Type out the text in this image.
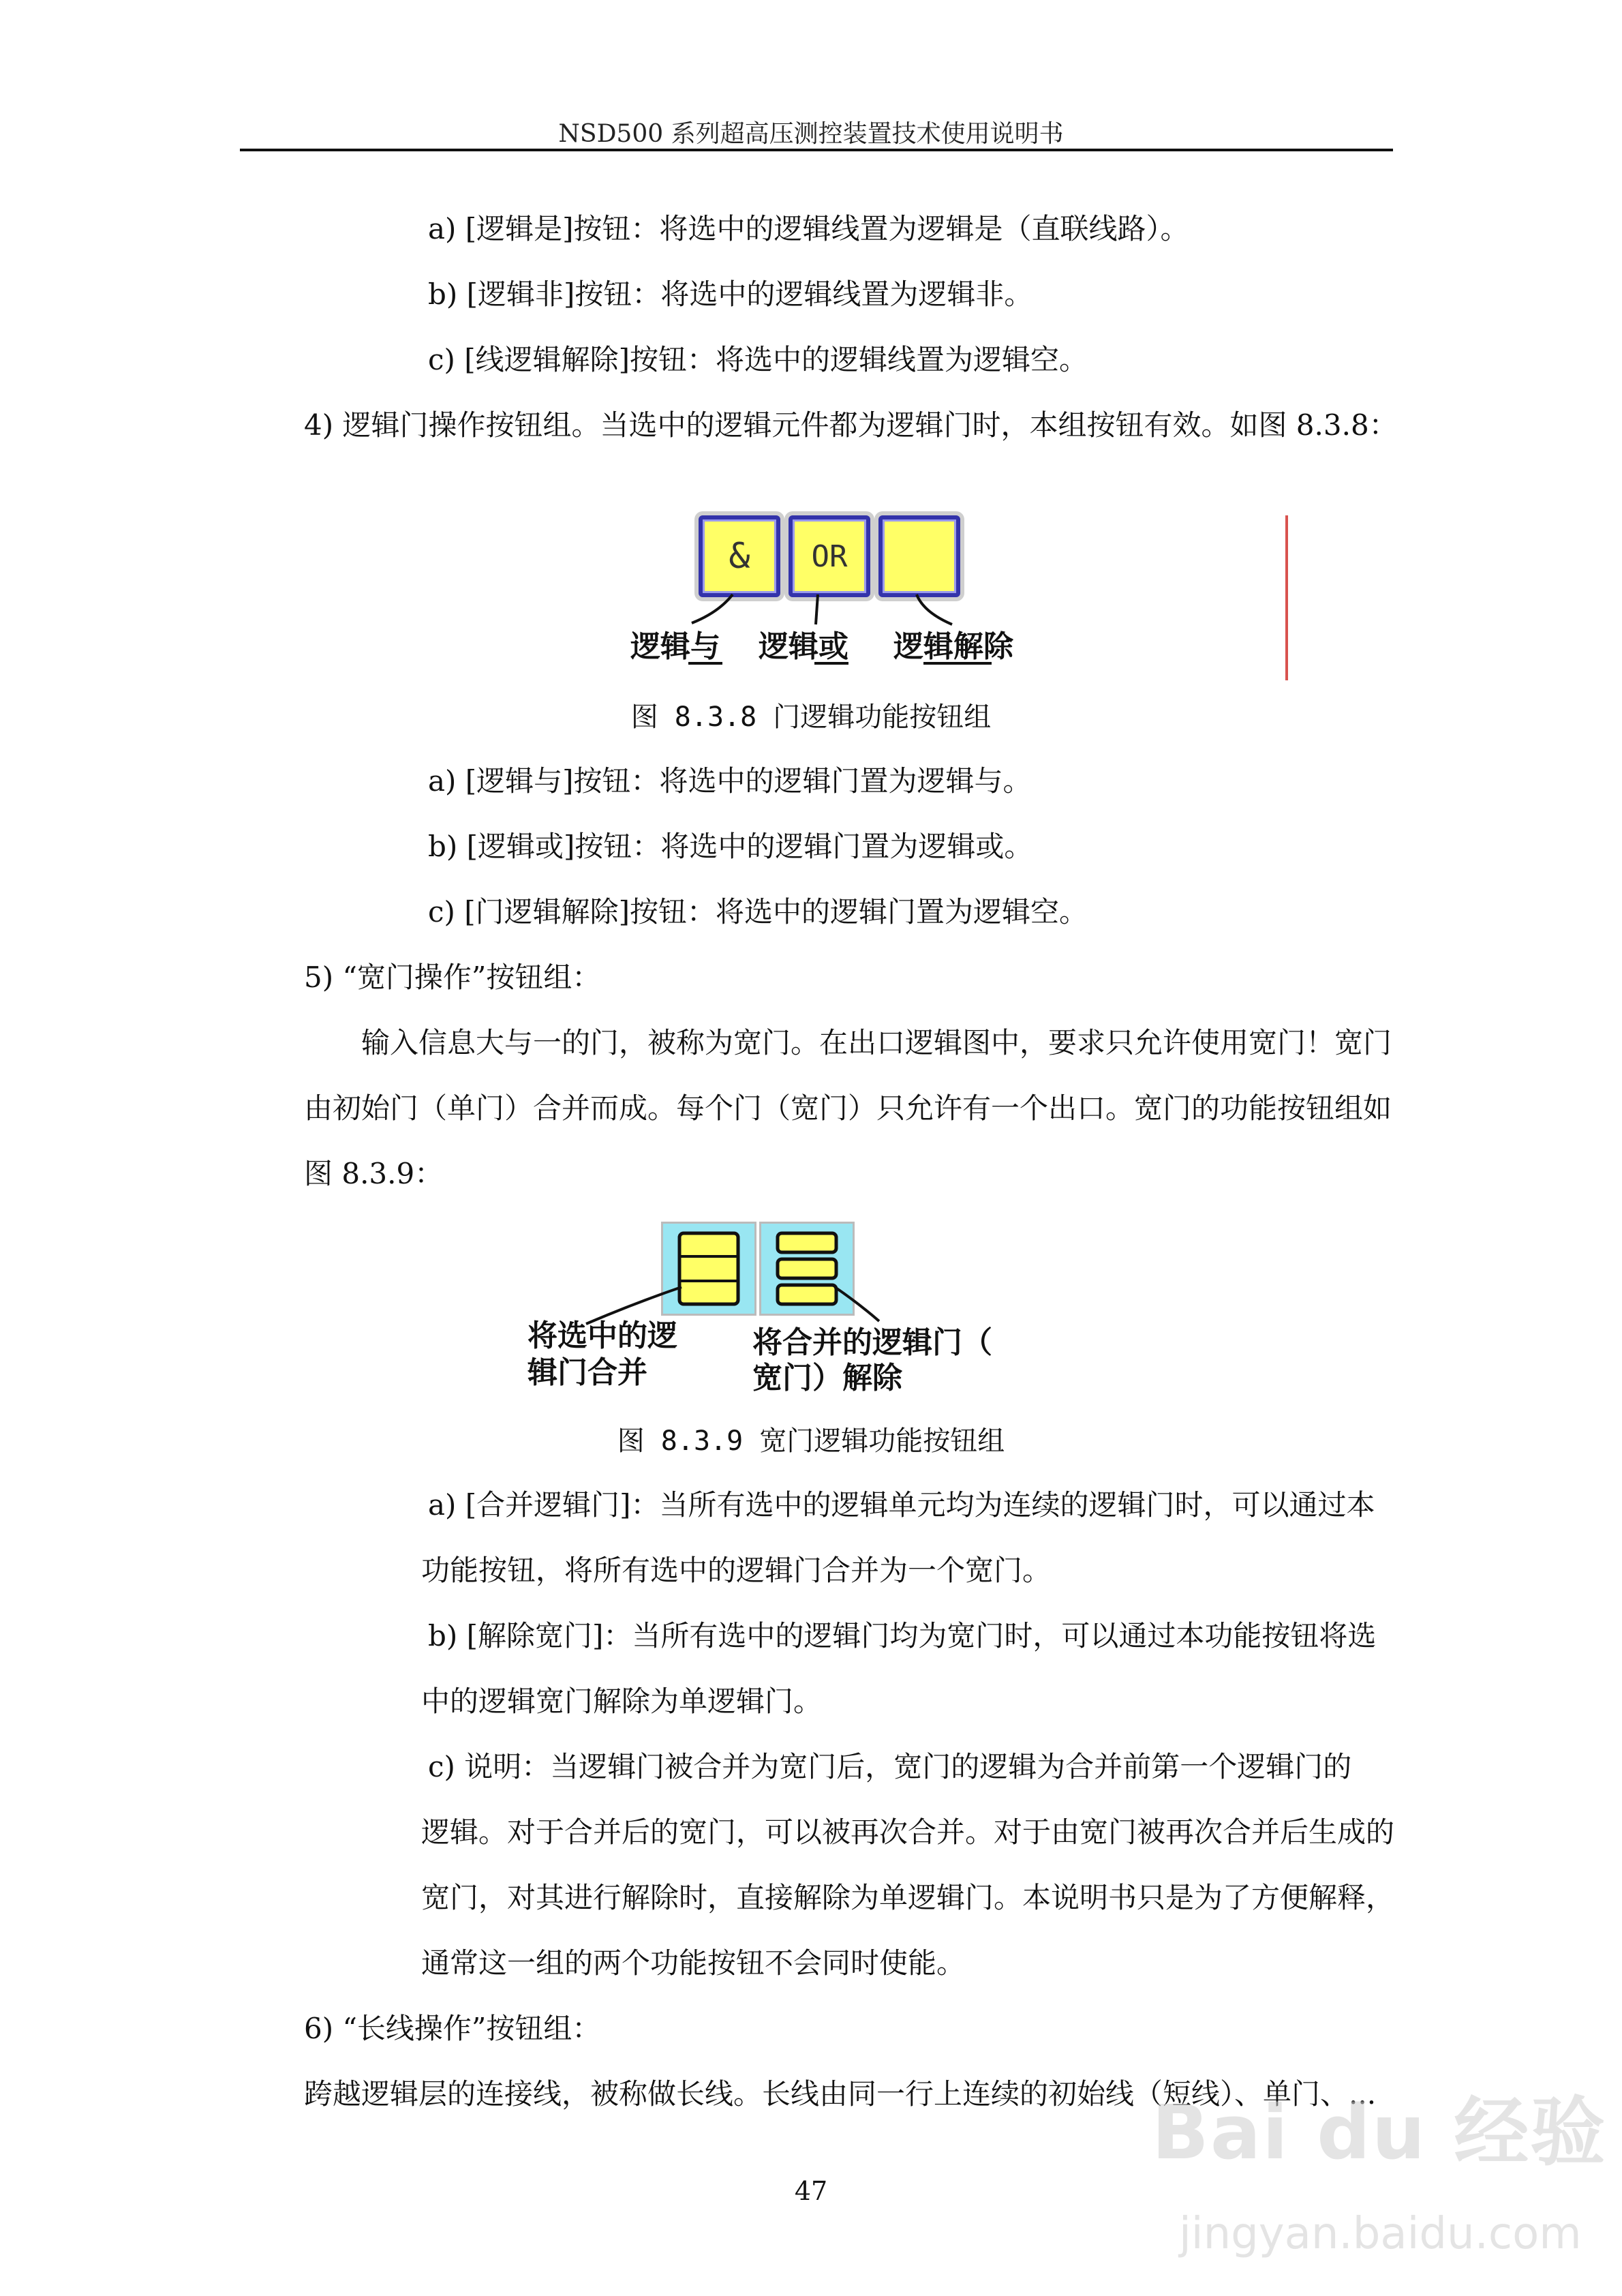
NSD500 系列超高压测控装置技术使用说明书
a) [逻辑是]按钮：将选中的逻辑线置为逻辑是（直联线路）。
b) [逻辑非]按钮：将选中的逻辑线置为逻辑非。
c) [线逻辑解除]按钮：将选中的逻辑线置为逻辑空。
4) 逻辑门操作按钮组。当选中的逻辑元件都为逻辑门时，本组按钮有效。如图 8.3.8：
&	OR
逻辑与 逻辑或 逻辑解除
图 8.3.8 门逻辑功能按钮组
a) [逻辑与]按钮：将选中的逻辑门置为逻辑与。
b) [逻辑或]按钮：将选中的逻辑门置为逻辑或。
c) [门逻辑解除]按钮：将选中的逻辑门置为逻辑空。
5) “宽门操作”按钮组：
输入信息大与一的门，被称为宽门。在出口逻辑图中，要求只允许使用宽门！宽门
由初始门（单门）合并而成。每个门（宽门）只允许有一个出口。宽门的功能按钮组如
图 8.3.9：
将选中的逻
辑门合并
将合并的逻辑门（
宽门）解除
图 8.3.9 宽门逻辑功能按钮组
a) [合并逻辑门]：当所有选中的逻辑单元均为连续的逻辑门时，可以通过本
功能按钮，将所有选中的逻辑门合并为一个宽门。
b) [解除宽门]：当所有选中的逻辑门均为宽门时，可以通过本功能按钮将选
中的逻辑宽门解除为单逻辑门。
c) 说明：当逻辑门被合并为宽门后，宽门的逻辑为合并前第一个逻辑门的
逻辑。对于合并后的宽门，可以被再次合并。对于由宽门被再次合并后生成的
宽门，对其进行解除时，直接解除为单逻辑门。本说明书只是为了方便解释，
通常这一组的两个功能按钮不会同时使能。
6) “长线操作”按钮组：
跨越逻辑层的连接线，被称做长线。长线由同一行上连续的初始线（短线）、单门、...
47
Bai du 经验
jingyan.baidu.com
